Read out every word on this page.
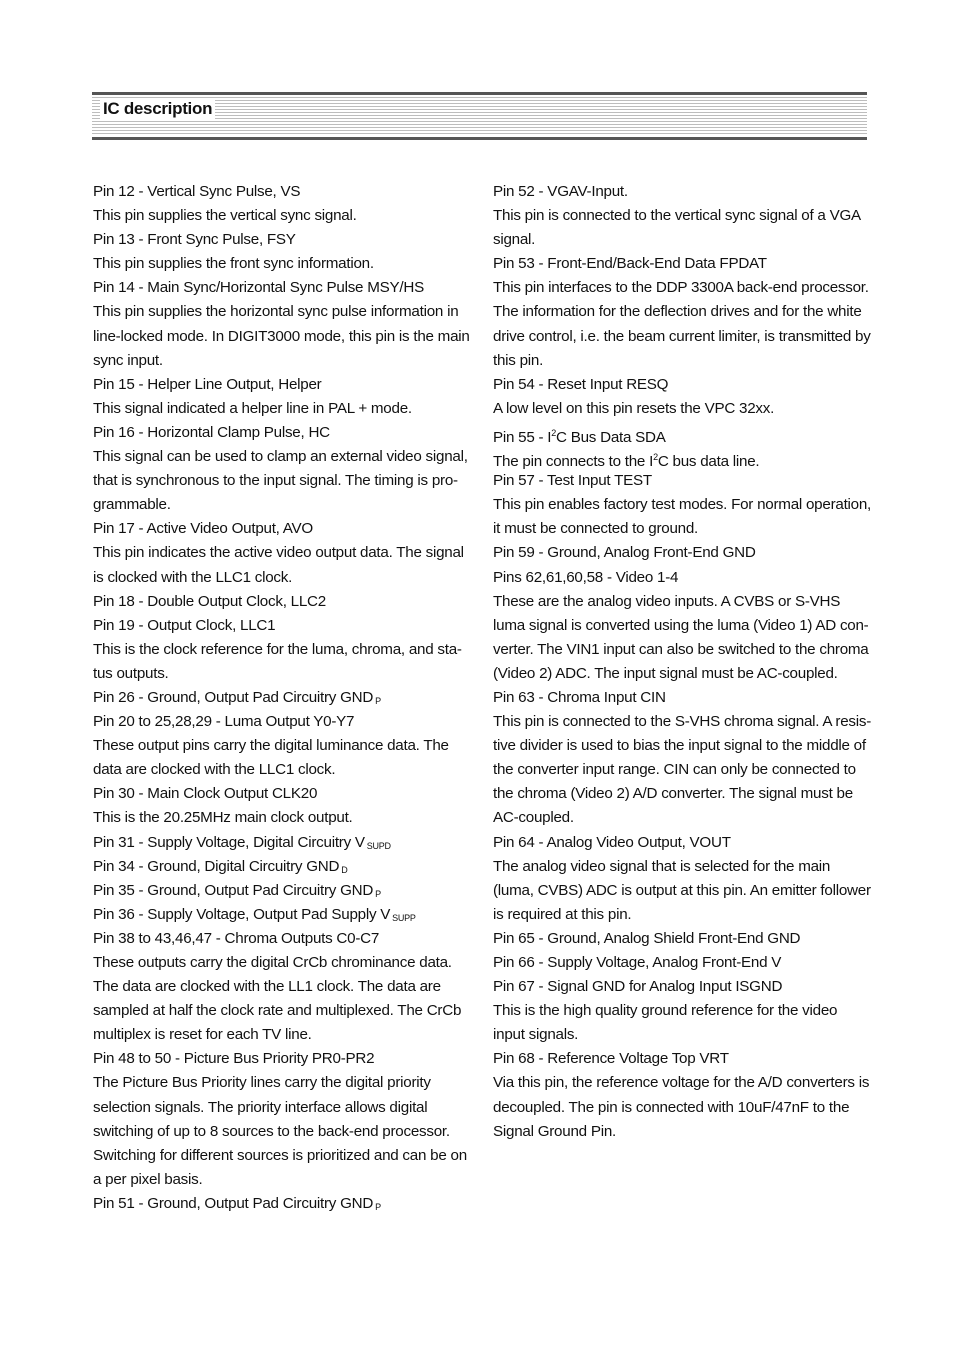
IC description
Pin 12 - Vertical Sync Pulse, VS
This pin supplies the vertical sync signal.
Pin 13 - Front Sync Pulse, FSY
This pin supplies the front sync information.
Pin 14 - Main Sync/Horizontal Sync Pulse MSY/HS
This pin supplies the horizontal sync pulse information in
line-locked mode. In DIGIT3000 mode, this pin is the main
sync input.
Pin 15 - Helper Line Output, Helper
This signal indicated a helper line in PAL + mode.
Pin 16 - Horizontal Clamp Pulse, HC
This signal can be used to clamp an external video signal,
that is synchronous to the input signal. The timing is pro-
grammable.
Pin 17 - Active Video Output, AVO
This pin indicates the active video output data. The signal
is clocked with the LLC1 clock.
Pin 18 - Double Output Clock, LLC2
Pin 19 - Output Clock, LLC1
This is the clock reference for the luma, chroma, and sta-
tus outputs.
Pin 26 - Ground, Output Pad Circuitry GND $_P$
Pin 20 to 25,28,29 - Luma Output Y0-Y7
These output pins carry the digital luminance data. The
data are clocked with the LLC1 clock.
Pin 30 - Main Clock Output CLK20
This is the 20.25MHz main clock output.
Pin 31 - Supply Voltage, Digital Circuitry V $_{SUPD}$
Pin 34 - Ground, Digital Circuitry GND $_D$
Pin 35 - Ground, Output Pad Circuitry GND $_P$
Pin 36 - Supply Voltage, Output Pad Supply V $_{SUPP}$
Pin 38 to 43,46,47 - Chroma Outputs C0-C7
These outputs carry the digital CrCb chrominance data.
The data are clocked with the LL1 clock. The data are
sampled at half the clock rate and multiplexed. The CrCb
multiplex is reset for each TV line.
Pin 48 to 50 - Picture Bus Priority PR0-PR2
The Picture Bus Priority lines carry the digital priority
selection signals. The priority interface allows digital
switching of up to 8 sources to the back-end processor.
Switching for different sources is prioritized and can be on
a per pixel basis.
Pin 51 - Ground, Output Pad Circuitry GND $_P$
Pin 52 - VGAV-Input.
This pin is connected to the vertical sync signal of a VGA
signal.
Pin 53 - Front-End/Back-End Data FPDAT
This pin interfaces to the DDP 3300A back-end processor.
The information for the deflection drives and for the white
drive control, i.e. the beam current limiter, is transmitted by
this pin.
Pin 54 - Reset Input RESQ
A low level on this pin resets the VPC 32xx.
Pin $55 - I^2C$ Bus Data SDA
The pin connects to the $I^2C$ bus data line.
Pin 57 - Test Input TEST
This pin enables factory test modes. For normal operation,
it must be connected to ground.
Pin 59 - Ground, Analog Front-End GND
Pins 62,61,60,58 - Video 1-4
These are the analog video inputs. A CVBS or S-VHS
luma signal is converted using the luma (Video 1) AD con-
verter. The VIN1 input can also be switched to the chroma
(Video 2) ADC. The input signal must be AC-coupled.
Pin 63 - Chroma Input CIN
This pin is connected to the S-VHS chroma signal. A resis-
tive divider is used to bias the input signal to the middle of
the converter input range. CIN can only be connected to
the chroma (Video 2) A/D converter. The signal must be
AC-coupled.
Pin 64 - Analog Video Output, VOUT
The analog video signal that is selected for the main
(luma, CVBS) ADC is output at this pin. An emitter follower
is required at this pin.
Pin 65 - Ground, Analog Shield Front-End GND
Pin 66 - Supply Voltage, Analog Front-End V
Pin 67 - Signal GND for Analog Input ISGND
This is the high quality ground reference for the video
input signals.
Pin 68 - Reference Voltage Top VRT
Via this pin, the reference voltage for the A/D converters is
decoupled. The pin is connected with 10uF/47nF to the
Signal Ground Pin.
